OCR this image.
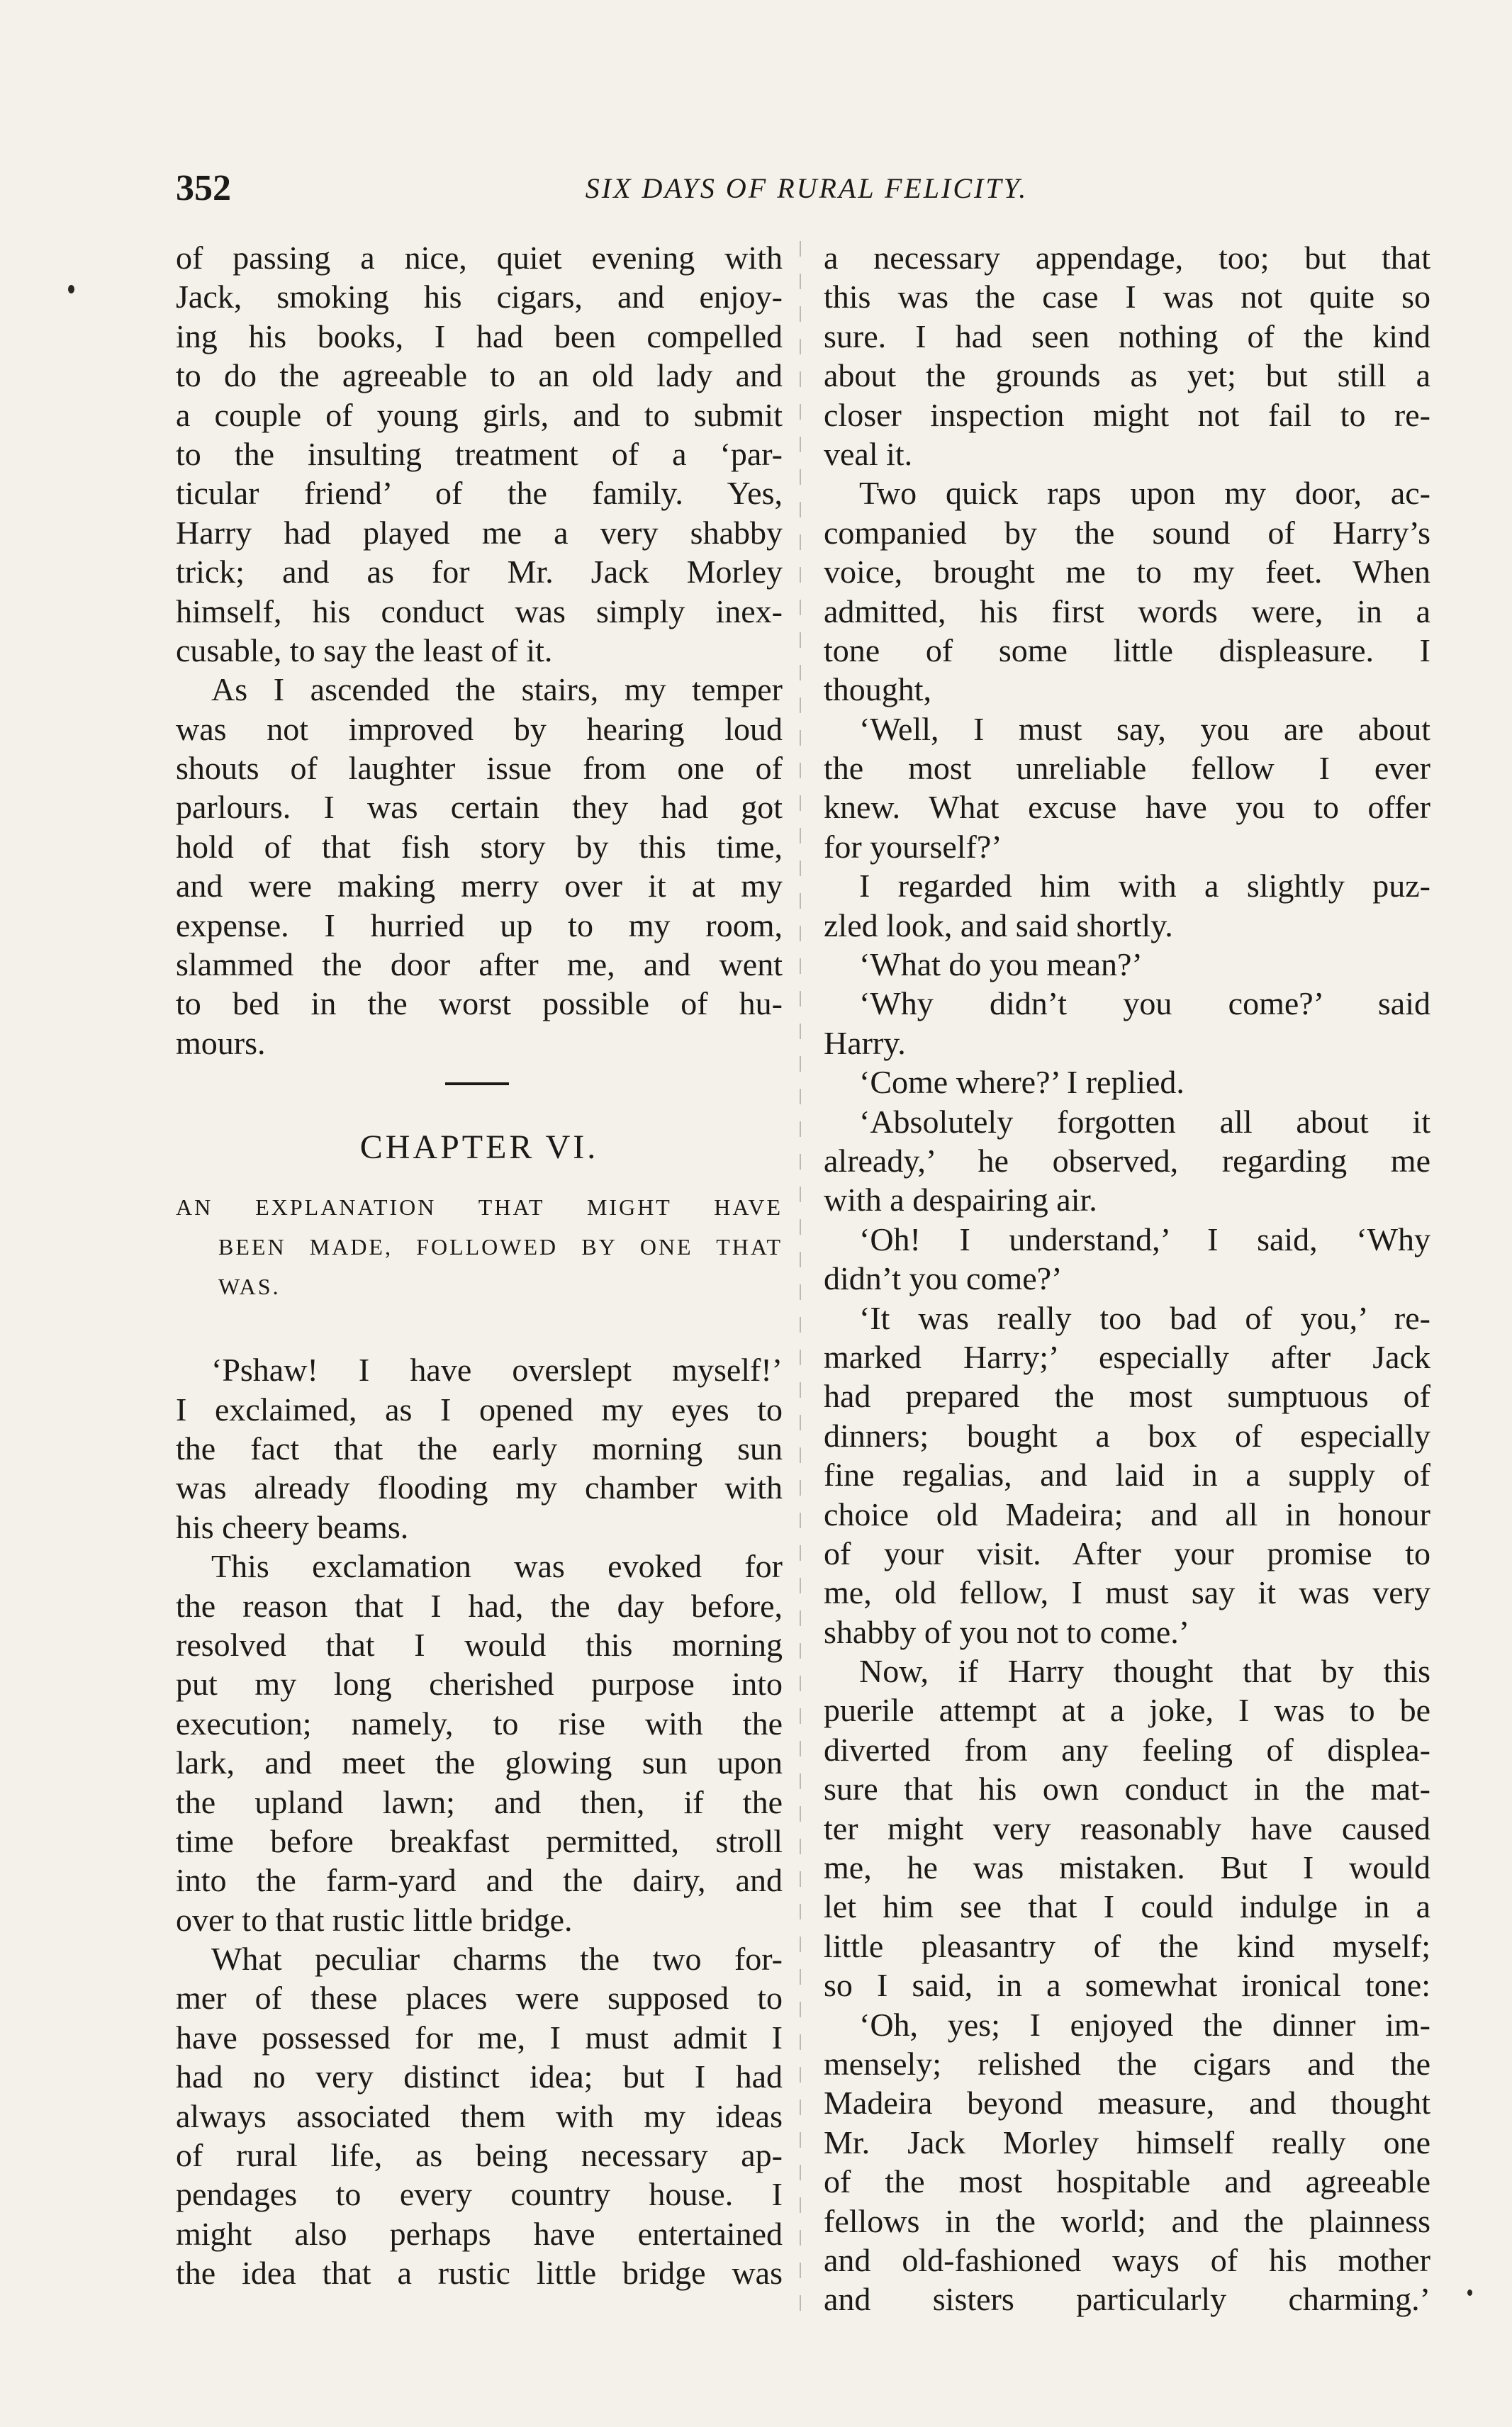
352	SIX DAYS OF RURAL FELICITY.
of passing a nice, quiet evening with
Jack, smoking his cigars, and enjoy-
ing his books, I had been compelled
to do the agreeable to an old lady and
a couple of young girls, and to submit
to the insulting treatment of a ‘par-
ticular friend’ of the family. Yes,
Harry had played me a very shabby
trick; and as for Mr. Jack Morley
himself, his conduct was simply inex-
cusable, to say the least of it.
As I ascended the stairs, my temper
was not improved by hearing loud
shouts of laughter issue from one of
parlours. I was certain they had got
hold of that fish story by this time,
and were making merry over it at my
expense. I hurried up to my room,
slammed the door after me, and went
to bed in the worst possible of hu-
mours.
CHAPTER VI.
AN EXPLANATION THAT MIGHT HAVE
BEEN MADE, FOLLOWED BY ONE THAT
WAS.
‘Pshaw! I have overslept myself!’
I exclaimed, as I opened my eyes to
the fact that the early morning sun
was already flooding my chamber with
his cheery beams.
This exclamation was evoked for
the reason that I had, the day before,
resolved that I would this morning
put my long cherished purpose into
execution; namely, to rise with the
lark, and meet the glowing sun upon
the upland lawn; and then, if the
time before breakfast permitted, stroll
into the farm-yard and the dairy, and
over to that rustic little bridge.
What peculiar charms the two for-
mer of these places were supposed to
have possessed for me, I must admit I
had no very distinct idea; but I had
always associated them with my ideas
of rural life, as being necessary ap-
pendages to every country house. I
might also perhaps have entertained
the idea that a rustic little bridge was
a necessary appendage, too; but that
this was the case I was not quite so
sure. I had seen nothing of the kind
about the grounds as yet; but still a
closer inspection might not fail to re-
veal it.
Two quick raps upon my door, ac-
companied by the sound of Harry’s
voice, brought me to my feet. When
admitted, his first words were, in a
tone of some little displeasure. I
thought,
‘Well, I must say, you are about
the most unreliable fellow I ever
knew. What excuse have you to offer
for yourself?’
I regarded him with a slightly puz-
zled look, and said shortly.
‘What do you mean?’
‘Why didn’t you come?’ said
Harry.
‘Come where?’ I replied.
‘Absolutely forgotten all about it
already,’ he observed, regarding me
with a despairing air.
‘Oh! I understand,’ I said, ‘Why
didn’t you come?’
‘It was really too bad of you,’ re-
marked Harry;’ especially after Jack
had prepared the most sumptuous of
dinners; bought a box of especially
fine regalias, and laid in a supply of
choice old Madeira; and all in honour
of your visit. After your promise to
me, old fellow, I must say it was very
shabby of you not to come.’
Now, if Harry thought that by this
puerile attempt at a joke, I was to be
diverted from any feeling of displea-
sure that his own conduct in the mat-
ter might very reasonably have caused
me, he was mistaken. But I would
let him see that I could indulge in a
little pleasantry of the kind myself;
so I said, in a somewhat ironical tone:
‘Oh, yes; I enjoyed the dinner im-
mensely; relished the cigars and the
Madeira beyond measure, and thought
Mr. Jack Morley himself really one
of the most hospitable and agreeable
fellows in the world; and the plainness
and old-fashioned ways of his mother
and sisters particularly charming.’
